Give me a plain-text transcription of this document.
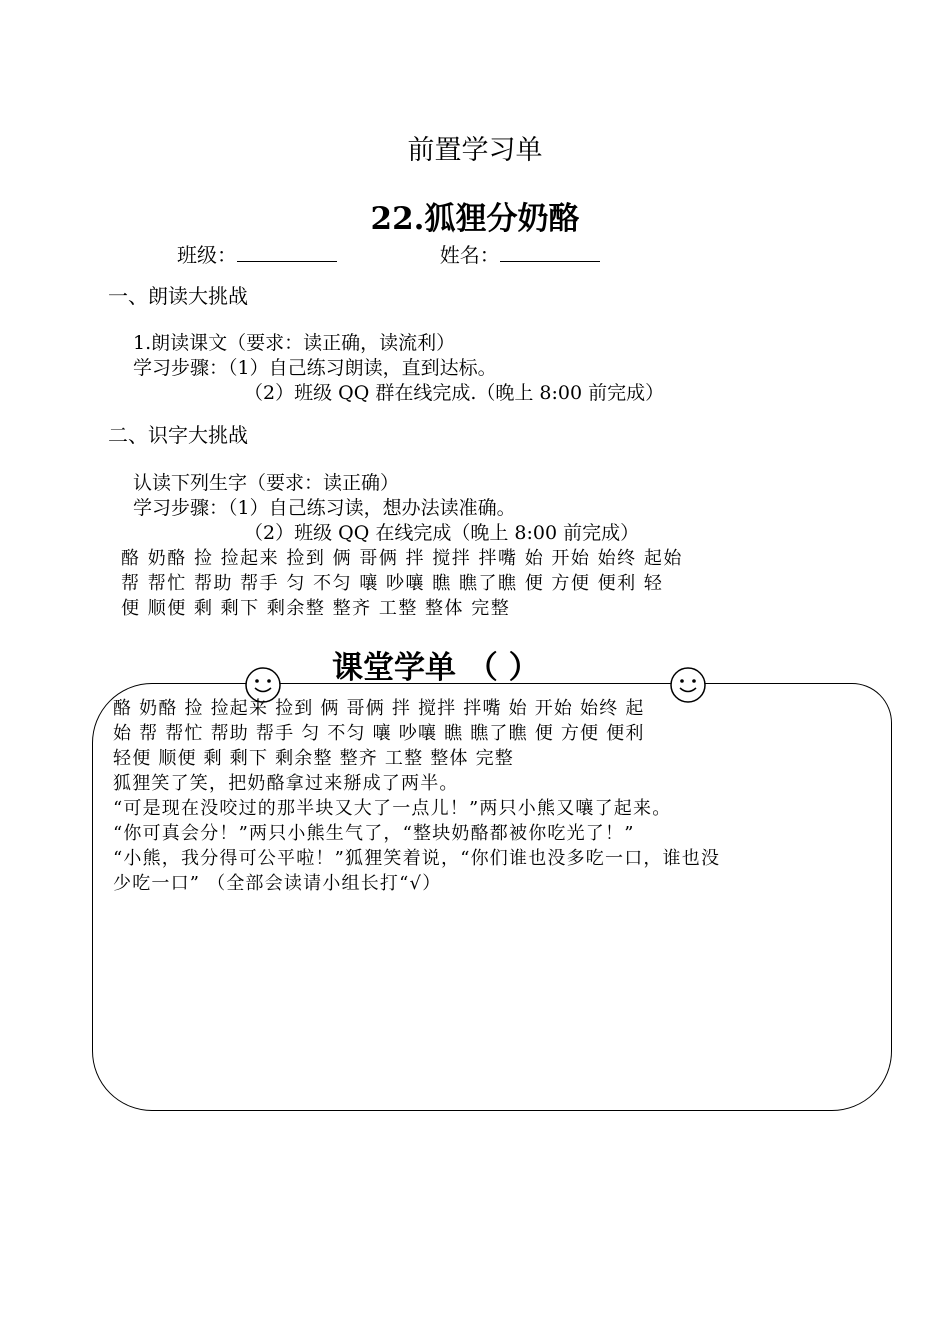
前置学习单
22.狐狸分奶酪
班级：	姓名：
一、朗读大挑战
1.朗读课文（要求：读正确，读流利）
学习步骤：（1）自己练习朗读，直到达标。
（2）班级 QQ 群在线完成.（晚上 8:00 前完成）
二、识字大挑战
认读下列生字（要求：读正确）
学习步骤：（1）自己练习读，想办法读准确。
（2）班级 QQ 在线完成（晚上 8:00 前完成）
酪 奶酪 捡 捡起来 捡到 俩 哥俩 拌 搅拌 拌嘴 始 开始 始终 起始
帮 帮忙 帮助 帮手 匀 不匀 嚷 吵嚷 瞧 瞧了瞧 便 方便 便利 轻
便 顺便 剩 剩下 剩余整 整齐 工整 整体 完整
课堂学单 （ ）
酪 奶酪 捡 捡起来 捡到 俩 哥俩 拌 搅拌 拌嘴 始 开始 始终 起
始 帮 帮忙 帮助 帮手 匀 不匀 嚷 吵嚷 瞧 瞧了瞧 便 方便 便利
轻便 顺便 剩 剩下 剩余整 整齐 工整 整体 完整
狐狸笑了笑，把奶酪拿过来掰成了两半。
“可是现在没咬过的那半块又大了一点儿！”两只小熊又嚷了起来。
“你可真会分！”两只小熊生气了，“整块奶酪都被你吃光了！”
“小熊，我分得可公平啦！”狐狸笑着说，“你们谁也没多吃一口，谁也没
少吃一口” （全部会读请小组长打“√）
